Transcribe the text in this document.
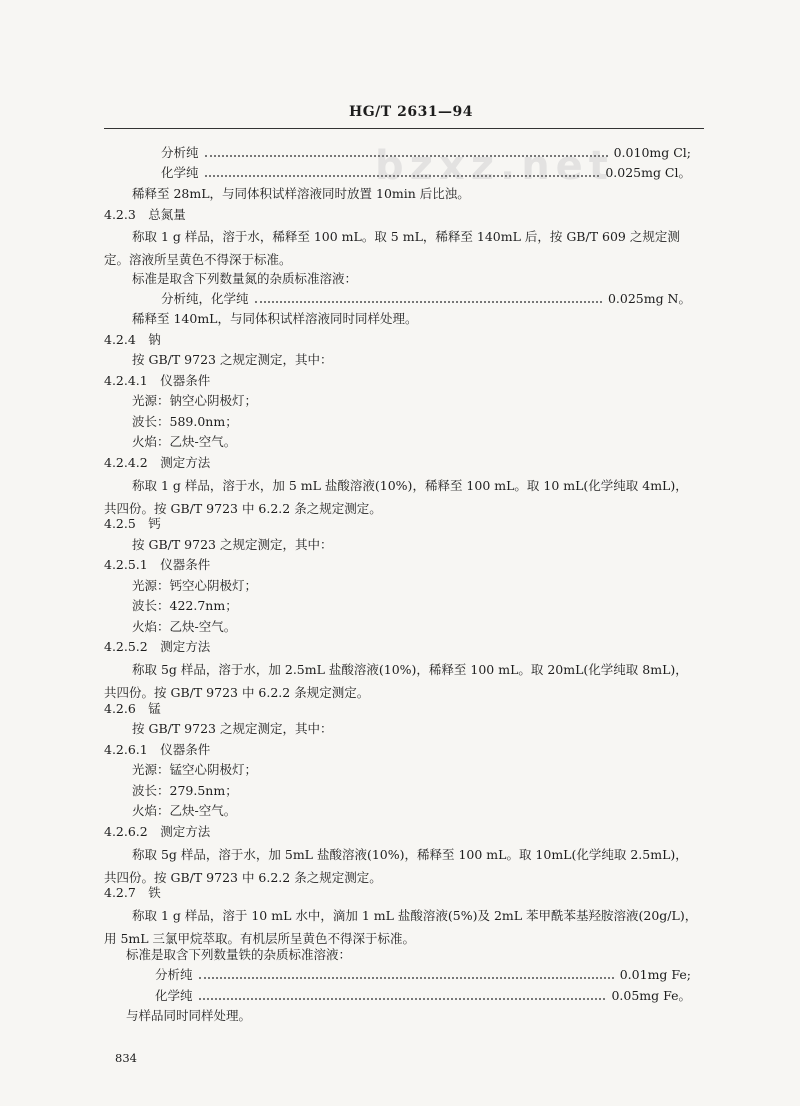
HG/T 2631—94
bzxz.net
分析纯	0.010mg Cl;
化学纯	0.025mg Cl。
稀释至 28mL，与同体积试样溶液同时放置 10min 后比浊。
4.2.3　总氮量
称取 1 g 样品，溶于水，稀释至 100 mL。取 5 mL，稀释至 140mL 后，按 GB/T 609 之规定测定。溶液所呈黄色不得深于标准。
标准是取含下列数量氮的杂质标准溶液：
分析纯，化学纯	0.025mg N。
稀释至 140mL，与同体积试样溶液同时同样处理。
4.2.4　钠
按 GB/T 9723 之规定测定，其中：
4.2.4.1　仪器条件
光源：钠空心阴极灯；
波长：589.0nm；
火焰：乙炔-空气。
4.2.4.2　测定方法
称取 1 g 样品，溶于水，加 5 mL 盐酸溶液(10%)，稀释至 100 mL。取 10 mL(化学纯取 4mL)，共四份。按 GB/T 9723 中 6.2.2 条之规定测定。
4.2.5　钙
按 GB/T 9723 之规定测定，其中：
4.2.5.1　仪器条件
光源：钙空心阴极灯；
波长：422.7nm；
火焰：乙炔-空气。
4.2.5.2　测定方法
称取 5g 样品，溶于水，加 2.5mL 盐酸溶液(10%)，稀释至 100 mL。取 20mL(化学纯取 8mL)，共四份。按 GB/T 9723 中 6.2.2 条规定测定。
4.2.6　锰
按 GB/T 9723 之规定测定，其中：
4.2.6.1　仪器条件
光源：锰空心阴极灯；
波长：279.5nm；
火焰：乙炔-空气。
4.2.6.2　测定方法
称取 5g 样品，溶于水，加 5mL 盐酸溶液(10%)，稀释至 100 mL。取 10mL(化学纯取 2.5mL)，共四份。按 GB/T 9723 中 6.2.2 条之规定测定。
4.2.7　铁
称取 1 g 样品，溶于 10 mL 水中，滴加 1 mL 盐酸溶液(5%)及 2mL 苯甲酰苯基羟胺溶液(20g/L)，用 5mL 三氯甲烷萃取。有机层所呈黄色不得深于标准。
标准是取含下列数量铁的杂质标准溶液：
分析纯	0.01mg Fe;
化学纯	0.05mg Fe。
与样品同时同样处理。
834
